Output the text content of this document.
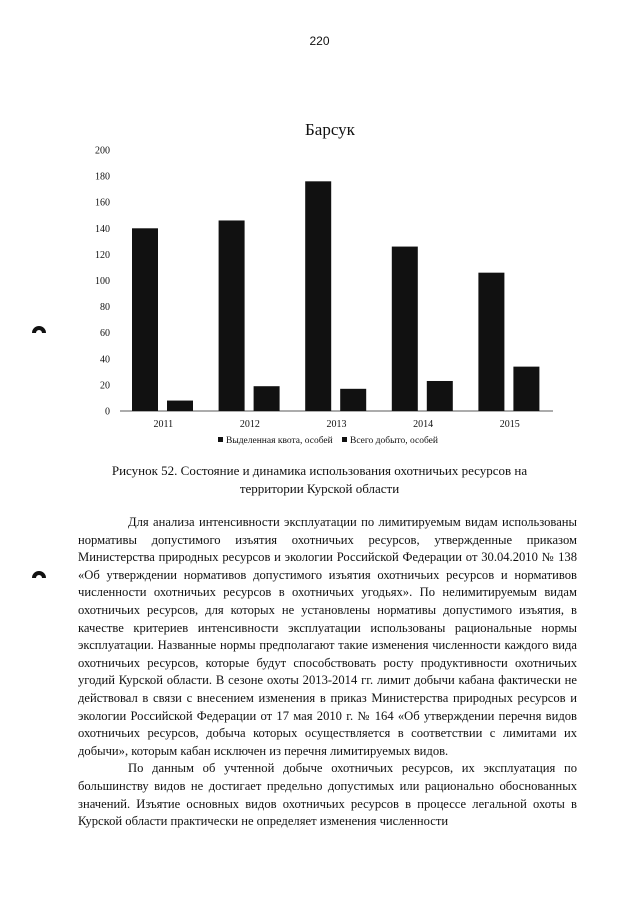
220
Барсук
0
20
40
60
80
100
120
140
160
180
200
2011	2012	2013	2014	2015
Выделенная квота, особей Всего добыто, особей
Рисунок 52. Состояние и динамика использования охотничьих ресурсов на
территории Курской области

Для анализа интенсивности эксплуатации по лимитируемым видам использованы нормативы допустимого изъятия охотничьих ресурсов, утвержденные приказом Министерства природных ресурсов и экологии Российской Федерации от 30.04.2010 № 138 «Об утверждении нормативов допустимого изъятия охотничьих ресурсов и нормативов численности охотничьих ресурсов в охотничьих угодьях». По нелимитируемым видам охотничьих ресурсов, для которых не установлены нормативы допустимого изъятия, в качестве критериев интенсивности эксплуатации использованы рациональные нормы эксплуатации. Названные нормы предполагают такие изменения численности каждого вида охотничьих ресурсов, которые будут способствовать росту продуктивности охотничьих угодий Курской области. В сезоне охоты 2013-2014 гг. лимит добычи кабана фактически не действовал в связи с внесением изменения в приказ Министерства природных ресурсов и экологии Российской Федерации от 17 мая 2010 г. № 164 «Об утверждении перечня видов охотничьих ресурсов, добыча которых осуществляется в соответствии с лимитами их добычи», которым кабан исключен из перечня лимитируемых видов.

По данным об учтенной добыче охотничьих ресурсов, их эксплуатация по большинству видов не достигает предельно допустимых или рационально обоснованных значений. Изъятие основных видов охотничьих ресурсов в процессе легальной охоты в Курской области практически не определяет изменения численности
